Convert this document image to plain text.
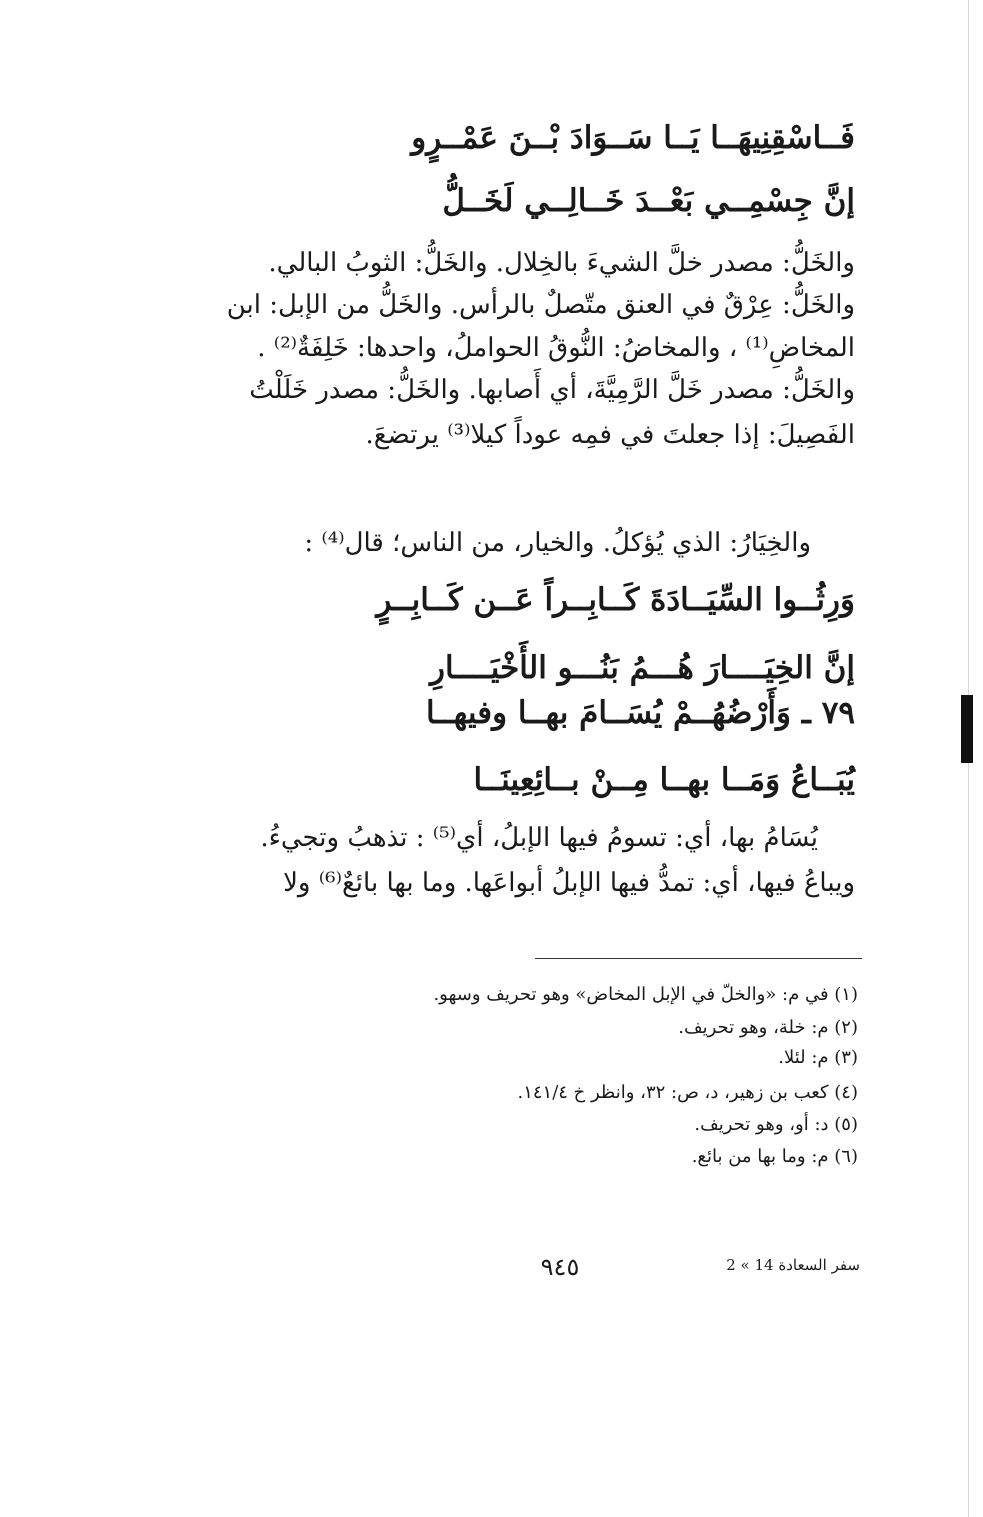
فَــاسْقِنِيهَــا يَــا سَــوَادَ بْــنَ عَمْــرٍو
إنَّ جِسْمِــي بَعْــدَ خَــالِــي لَخَــلُّ
والخَلُّ: مصدر خلَّ الشيءَ بالخِلال. والخَلُّ: الثوبُ البالي.
والخَلُّ: عِرْقٌ في العنق متّصلٌ بالرأس. والخَلُّ من الإبل: ابن
المخاضِ⁽¹⁾ ، والمخاضُ: النُّوقُ الحواملُ، واحدها: خَلِفَةٌ⁽²⁾ .
والخَلُّ: مصدر خَلَّ الرَّمِيَّةَ، أي أَصابها. والخَلُّ: مصدر خَلَلْتُ
الفَصِيلَ: إذا جعلتَ في فمِه عوداً كيلا⁽³⁾ يرتضعَ.
والخِيَارُ: الذي يُؤكلُ. والخيار، من الناس؛ قال⁽⁴⁾ :
وَرِثُــوا السِّيَــادَةَ كَــابِــراً عَــن كَــابِــرٍ
إنَّ الخِيَــــارَ هُـــمُ بَنُـــو الأَخْيَــــارِ
٧٩ ـ وَأَرْضُهُــمْ يُسَــامَ بهــا وفيهــا
يُبَــاعُ وَمَــا بهــا مِــنْ بــائِعِينَــا
يُسَامُ بها، أي: تسومُ فيها الإبلُ، أي⁽⁵⁾ : تذهبُ وتجيءُ.
ويباعُ فيها، أي: تمدُّ فيها الإبلُ أبواعَها. وما بها بائعٌ⁽⁶⁾ ولا
(١) في م: «والخلّ في الإبل المخاض» وهو تحريف وسهو.
(٢) م: خلة، وهو تحريف.
(٣) م: لئلا.
(٤) كعب بن زهير، د، ص: ٣٢، وانظر خ ١٤١/٤.
(٥) د: أو، وهو تحريف.
(٦) م: وما بها من بائع.
٩٤٥	سفر السعادة 14 » 2
